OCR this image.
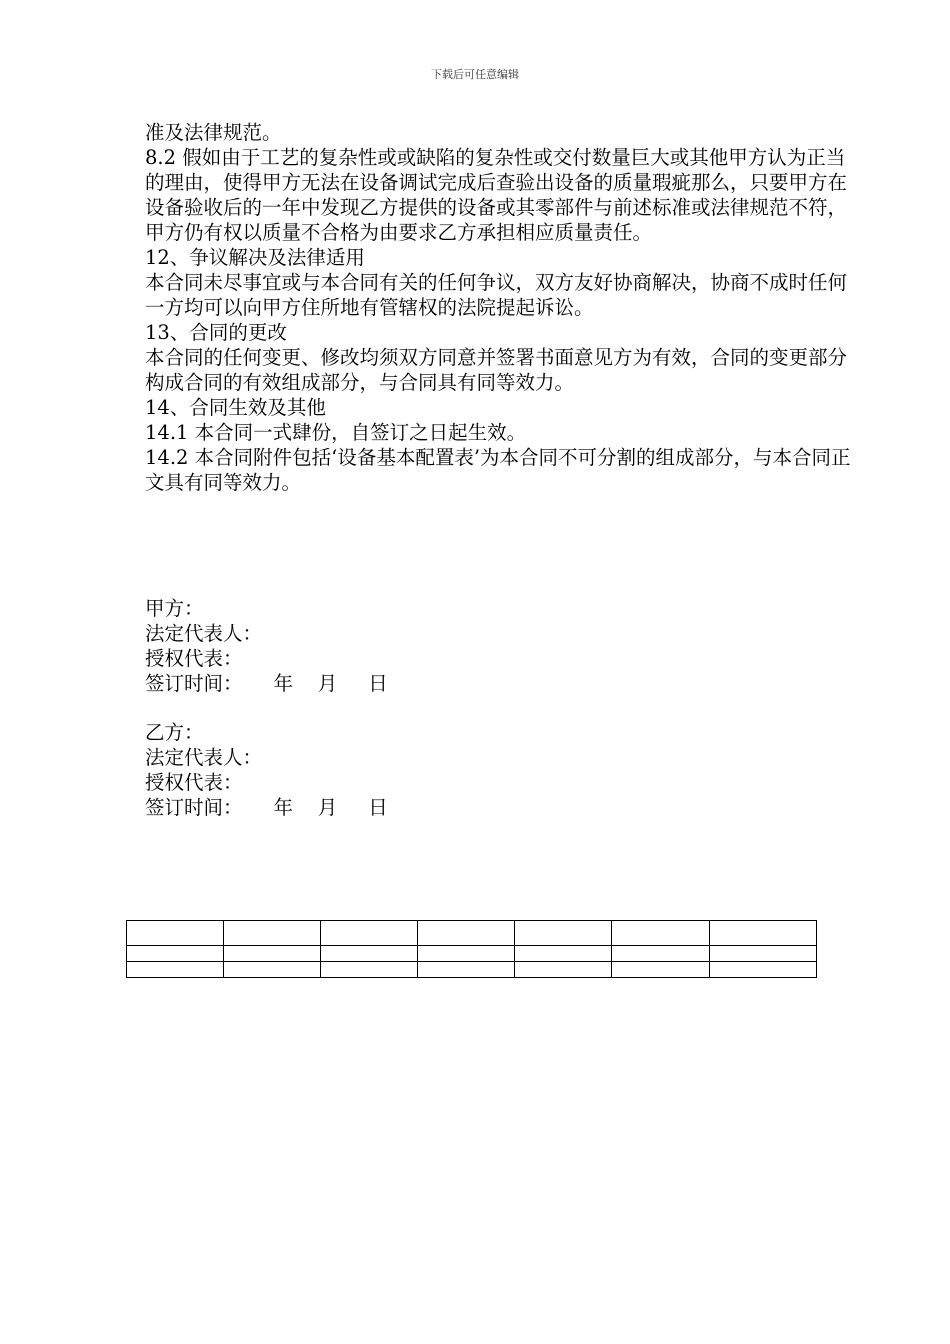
下载后可任意编辑

准及法律规范。

8.2 假如由于工艺的复杂性或或缺陷的复杂性或交付数量巨大或其他甲方认为正当的理由，使得甲方无法在设备调试完成后查验出设备的质量瑕疵那么，只要甲方在设备验收后的一年中发现乙方提供的设备或其零部件与前述标准或法律规范不符，甲方仍有权以质量不合格为由要求乙方承担相应质量责任。

12、争议解决及法律适用

本合同未尽事宜或与本合同有关的任何争议，双方友好协商解决，协商不成时任何一方均可以向甲方住所地有管辖权的法院提起诉讼。

13、合同的更改

本合同的任何变更、修改均须双方同意并签署书面意见方为有效，合同的变更部分构成合同的有效组成部分，与合同具有同等效力。

14、合同生效及其他

14.1 本合同一式肆份，自签订之日起生效。

14.2 本合同附件包括‘设备基本配置表’为本合同不可分割的组成部分，与本合同正文具有同等效力。

甲方：

法定代表人：

授权代表：

签订时间：     年    月     日

乙方：

法定代表人：

授权代表：

签订时间：     年    月     日
